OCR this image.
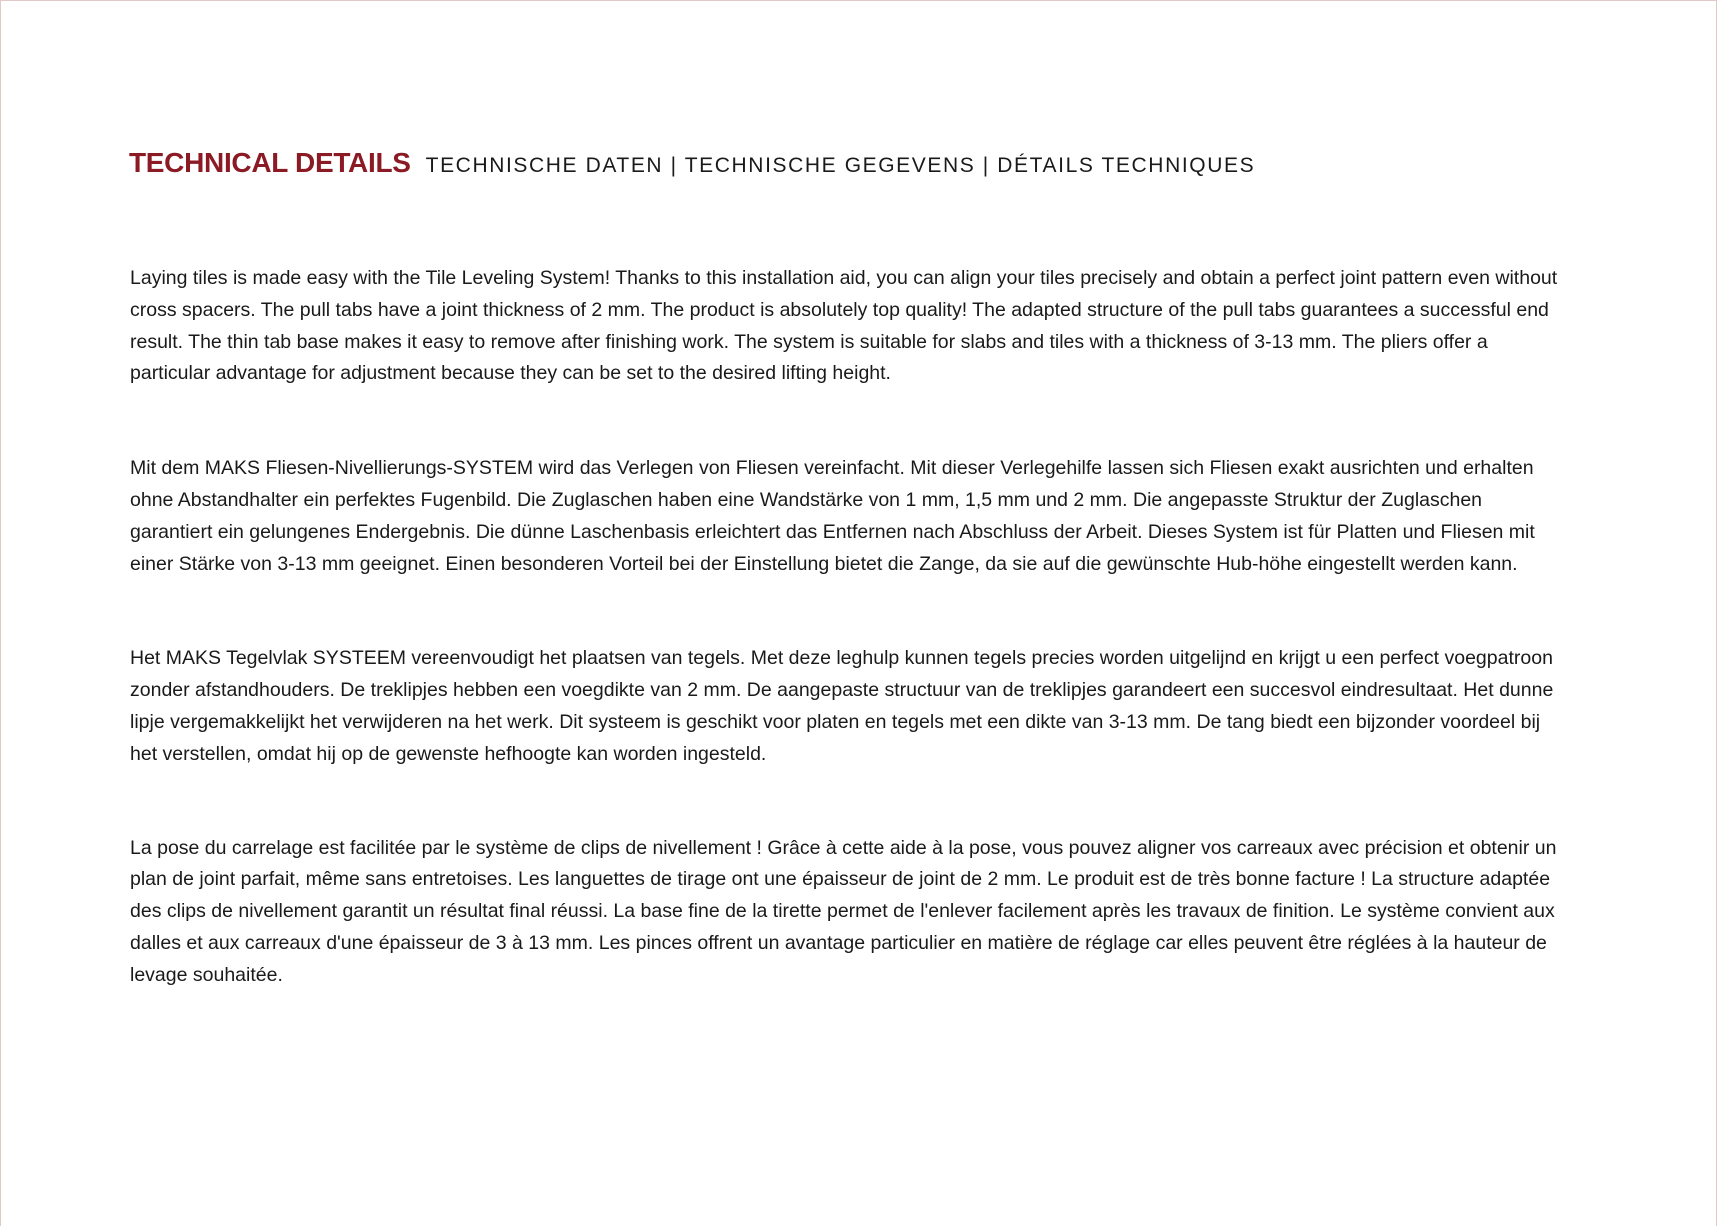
TECHNICAL DETAILS TECHNISCHE DATEN | TECHNISCHE GEGEVENS | DÉTAILS TECHNIQUES

Laying tiles is made easy with the Tile Leveling System! Thanks to this installation aid, you can align your tiles precisely and obtain a perfect joint pattern even without cross spacers. The pull tabs have a joint thickness of 2 mm. The product is absolutely top quality! The adapted structure of the pull tabs guarantees a successful end result. The thin tab base makes it easy to remove after finishing work. The system is suitable for slabs and tiles with a thickness of 3-13 mm. The pliers offer a particular advantage for adjustment because they can be set to the desired lifting height.

Mit dem MAKS Fliesen-Nivellierungs-SYSTEM wird das Verlegen von Fliesen vereinfacht. Mit dieser Verlegehilfe lassen sich Fliesen exakt ausrichten und erhalten ohne Abstandhalter ein perfektes Fugenbild. Die Zuglaschen haben eine Wandstärke von 1 mm, 1,5 mm und 2 mm. Die angepasste Struktur der Zuglaschen garantiert ein gelungenes Endergebnis. Die dünne Laschenbasis erleichtert das Entfernen nach Abschluss der Arbeit. Dieses System ist für Platten und Fliesen mit einer Stärke von 3-13 mm geeignet. Einen besonderen Vorteil bei der Einstellung bietet die Zange, da sie auf die gewünschte Hub-höhe eingestellt werden kann.

Het MAKS Tegelvlak SYSTEEM vereenvoudigt het plaatsen van tegels. Met deze leghulp kunnen tegels precies worden uitgelijnd en krijgt u een perfect voegpatroon zonder afstandhouders. De treklipjes hebben een voegdikte van 2 mm. De aangepaste structuur van de treklipjes garandeert een succesvol eindresultaat. Het dunne lipje vergemakkelijkt het verwijderen na het werk. Dit systeem is geschikt voor platen en tegels met een dikte van 3-13 mm. De tang biedt een bijzonder voordeel bij het verstellen, omdat hij op de gewenste hefhoogte kan worden ingesteld.

La pose du carrelage est facilitée par le système de clips de nivellement ! Grâce à cette aide à la pose, vous pouvez aligner vos carreaux avec précision et obtenir un plan de joint parfait, même sans entretoises. Les languettes de tirage ont une épaisseur de joint de 2 mm. Le produit est de très bonne facture ! La structure adaptée des clips de nivellement garantit un résultat final réussi. La base fine de la tirette permet de l'enlever facilement après les travaux de finition. Le système convient aux dalles et aux carreaux d'une épaisseur de 3 à 13 mm. Les pinces offrent un avantage particulier en matière de réglage car elles peuvent être réglées à la hauteur de levage souhaitée.
